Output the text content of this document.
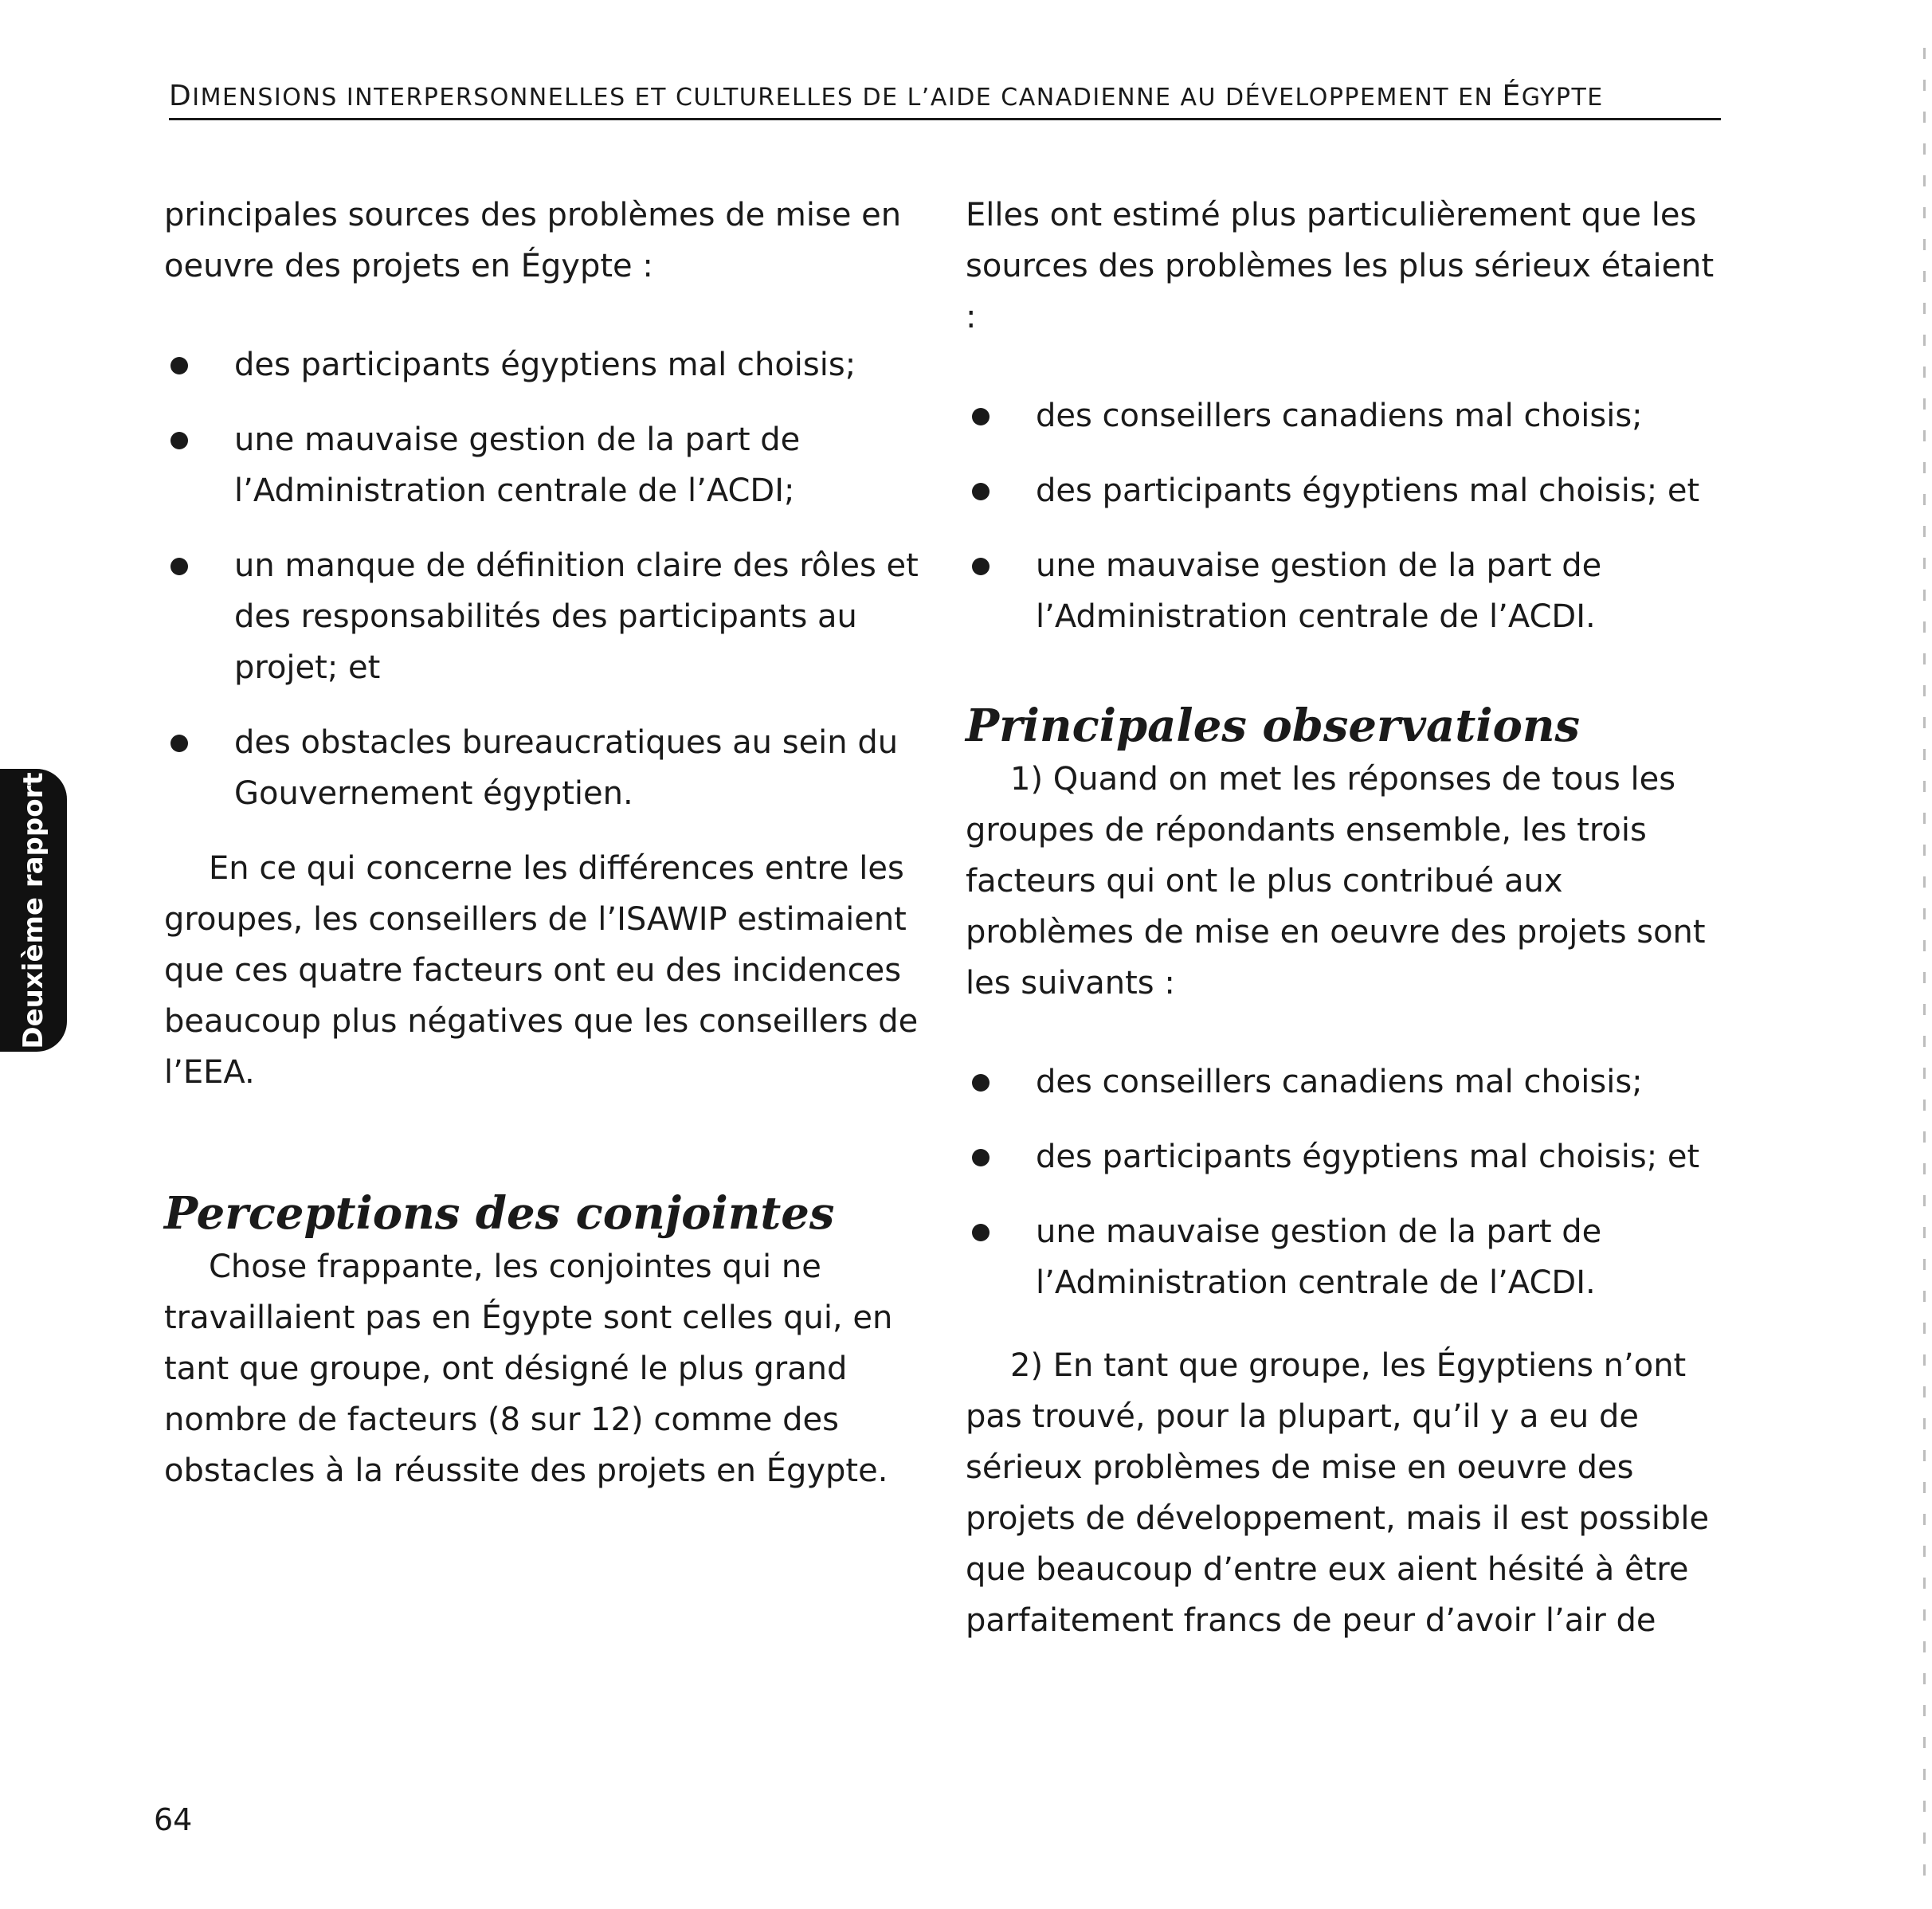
DIMENSIONS INTERPERSONNELLES ET CULTURELLES DE L’AIDE CANADIENNE AU DÉVELOPPEMENT EN ÉGYPTE

principales sources des problèmes de mise en oeuvre des projets en Égypte :

des participants égyptiens mal choisis;
une mauvaise gestion de la part de l’Administration centrale de l’ACDI;
un manque de définition claire des rôles et des responsabilités des participants au projet; et
des obstacles bureaucratiques au sein du Gouvernement égyptien.

En ce qui concerne les différences entre les groupes, les conseillers de l’ISAWIP estimaient que ces quatre facteurs ont eu des incidences beaucoup plus négatives que les conseillers de l’EEA.

Perceptions des conjointes

Chose frappante, les conjointes qui ne travaillaient pas en Égypte sont celles qui, en tant que groupe, ont désigné le plus grand nombre de facteurs (8 sur 12) comme des obstacles à la réussite des projets en Égypte.

Elles ont estimé plus particulièrement que les sources des problèmes les plus sérieux étaient :

des conseillers canadiens mal choisis;
des participants égyptiens mal choisis; et
une mauvaise gestion de la part de l’Administration centrale de l’ACDI.
Principales observations

1) Quand on met les réponses de tous les groupes de répondants ensemble, les trois facteurs qui ont le plus contribué aux problèmes de mise en oeuvre des projets sont les suivants :

des conseillers canadiens mal choisis;
des participants égyptiens mal choisis; et
une mauvaise gestion de la part de l’Administration centrale de l’ACDI.

2) En tant que groupe, les Égyptiens n’ont pas trouvé, pour la plupart, qu’il y a eu de sérieux problèmes de mise en oeuvre des projets de développement, mais il est possible que beaucoup d’entre eux aient hésité à être parfaitement francs de peur d’avoir l’air de

Deuxième rapport
64
